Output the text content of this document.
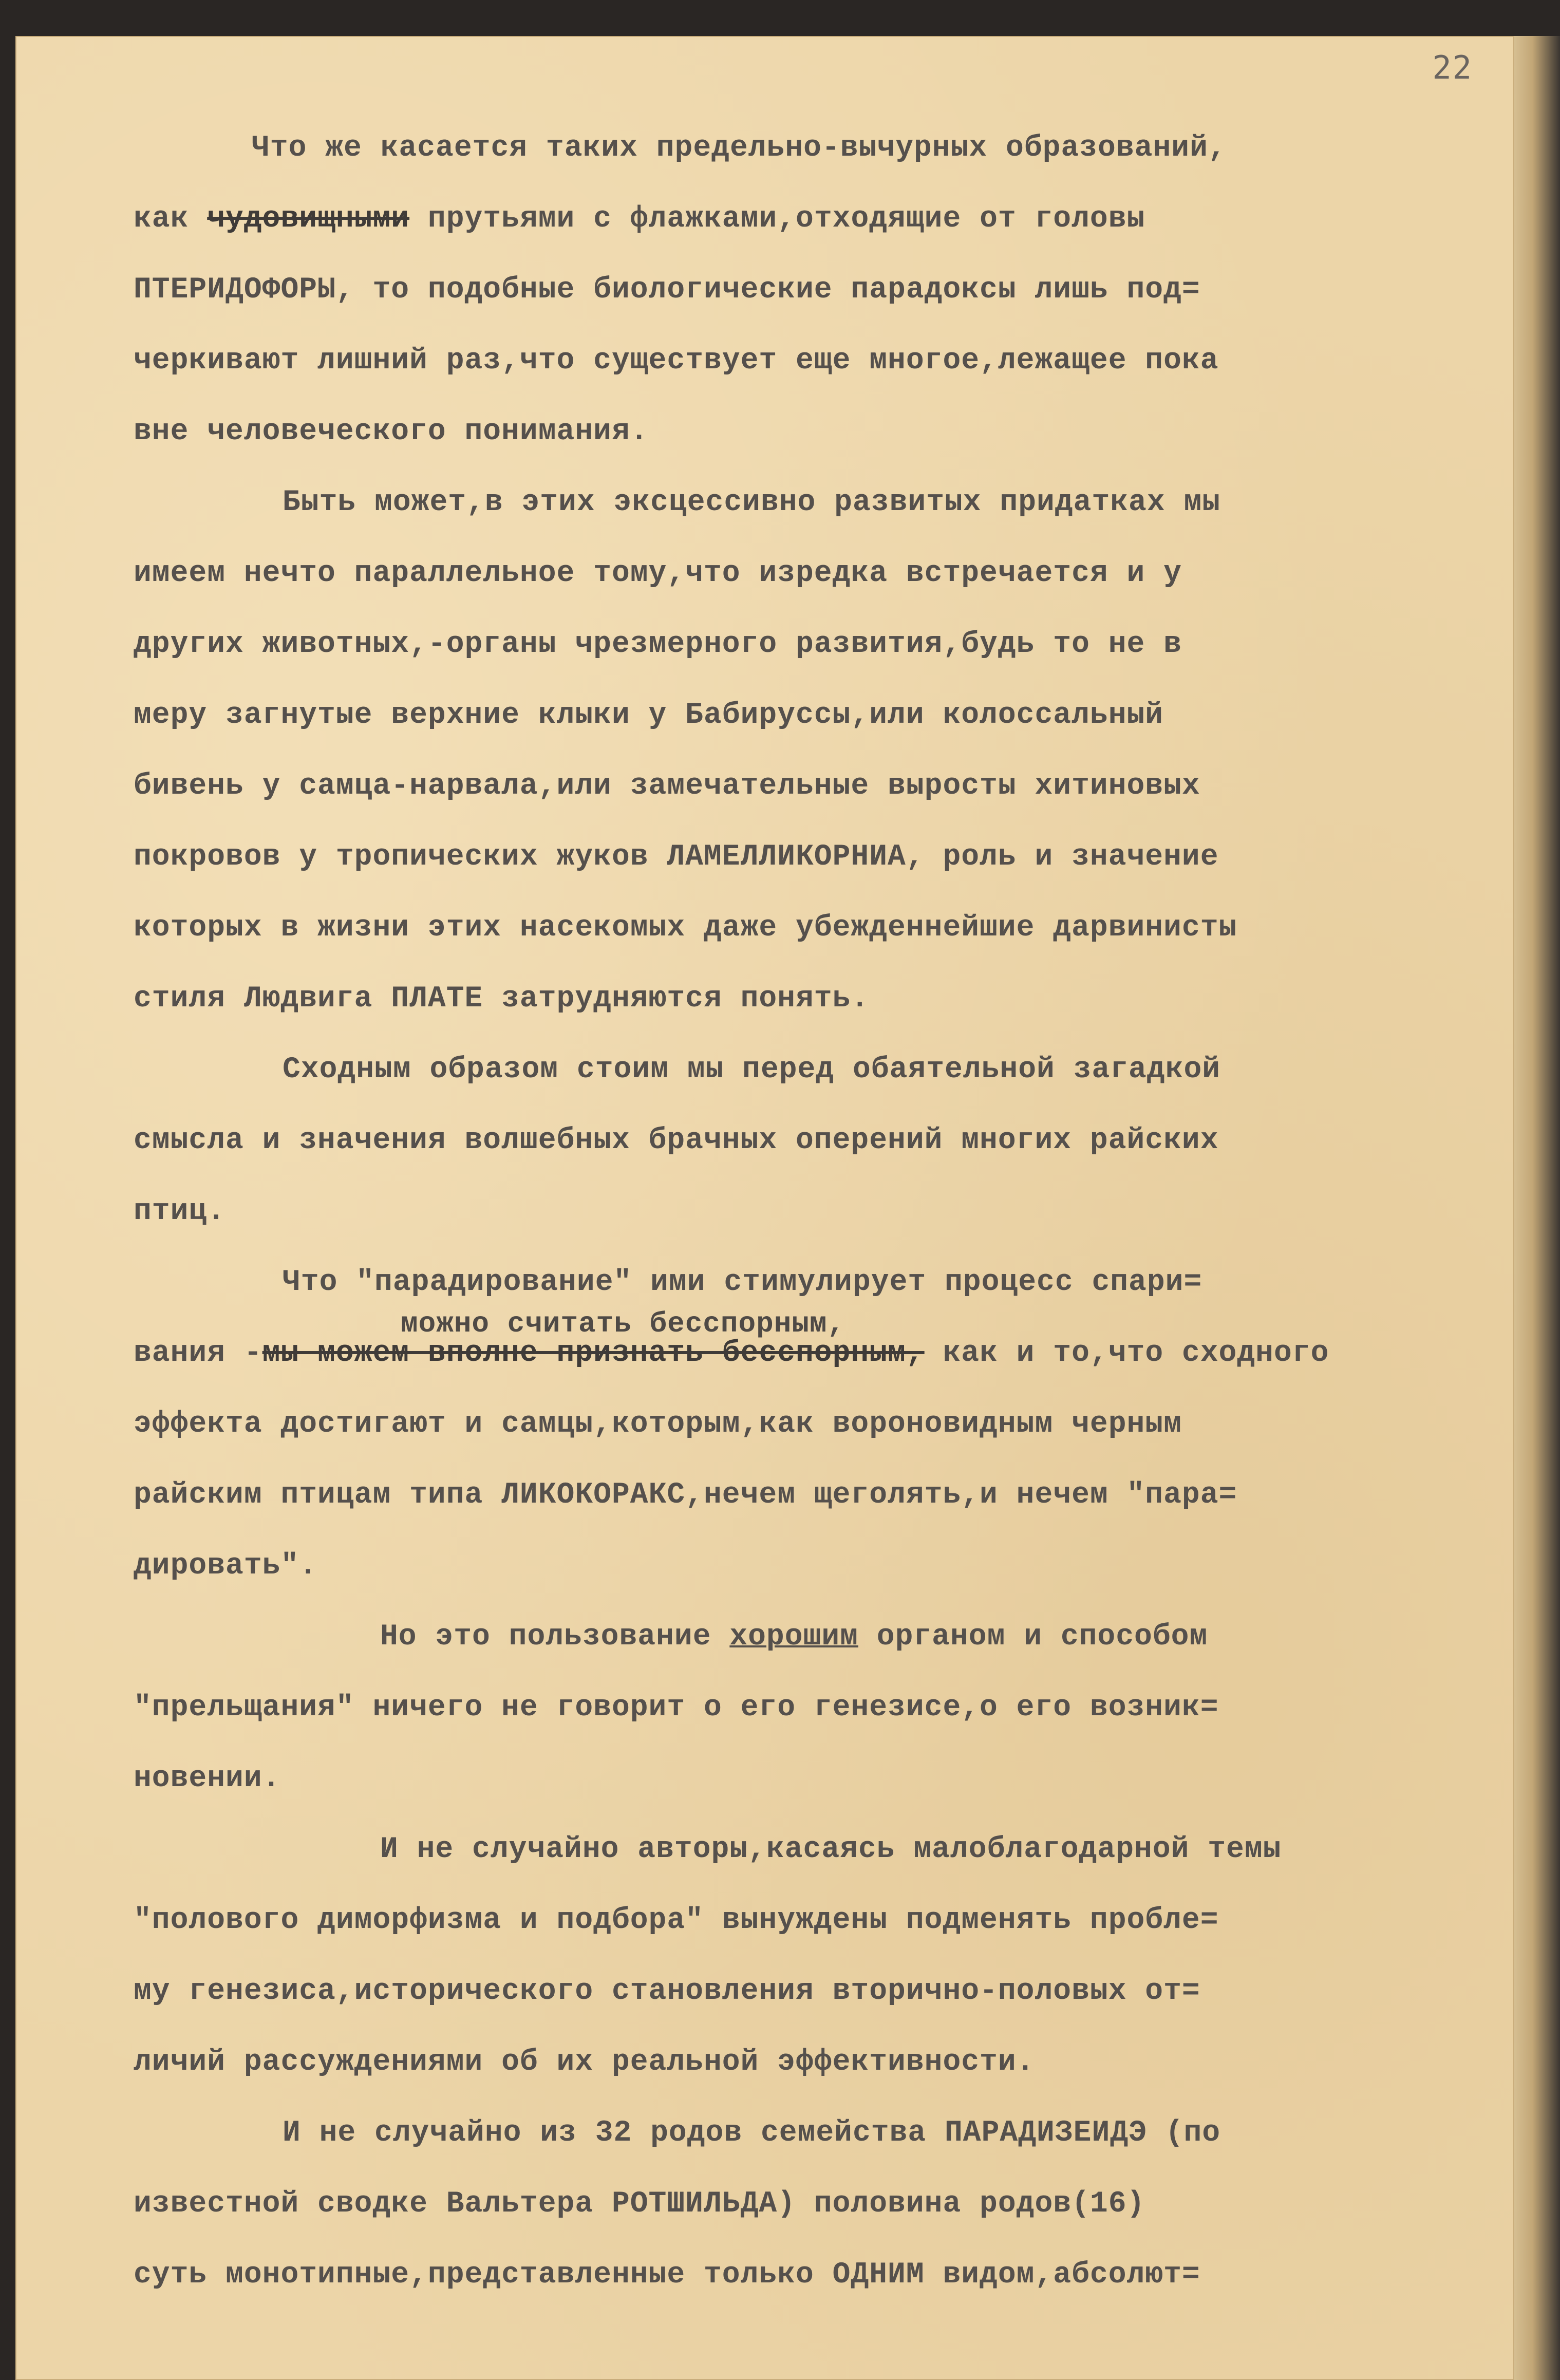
22
Что же касается таких предельно-вычурных образований,
как чудовищными прутьями с флажками,отходящие от головы
ПТЕРИДОФОРЫ, то подобные биологические парадоксы лишь под=
черкивают лишний раз,что существует еще многое,лежащее пока
вне человеческого понимания.
Быть может,в этих эксцессивно развитых придатках мы
имеем нечто параллельное тому,что изредка встречается и у
других животных,-органы чрезмерного развития,будь то не в
меру загнутые верхние клыки у Бабируссы,или колоссальный
бивень у самца-нарвала,или замечательные выросты хитиновых
покровов у тропических жуков ЛАМЕЛЛИКОРНИА, роль и значение
которых в жизни этих насекомых даже убежденнейшие дарвинисты
стиля Людвига ПЛАТЕ затрудняются понять.
Сходным образом стоим мы перед обаятельной загадкой
смысла и значения волшебных брачных оперений многих райских
птиц.
Что "парадирование" ими стимулирует процесс спари=
можно считать бесспорным,
вания -мы можем вполне признать бесспорным, как и то,что сходного
эффекта достигают и самцы,которым,как вороновидным черным
райским птицам типа ЛИКОКОРАКС,нечем щеголять,и нечем "пара=
дировать".
Но это пользование хорошим органом и способом
"прельщания" ничего не говорит о его генезисе,о его возник=
новении.
И не случайно авторы,касаясь малоблагодарной темы
"полового диморфизма и подбора" вынуждены подменять пробле=
му генезиса,исторического становления вторично-половых от=
личий рассуждениями об их реальной эффективности.
И не случайно из 32 родов семейства ПАРАДИЗЕИДЭ (по
известной сводке Вальтера РОТШИЛЬДА) половина родов(16)
суть монотипные,представленные только ОДНИМ видом,абсолют=
